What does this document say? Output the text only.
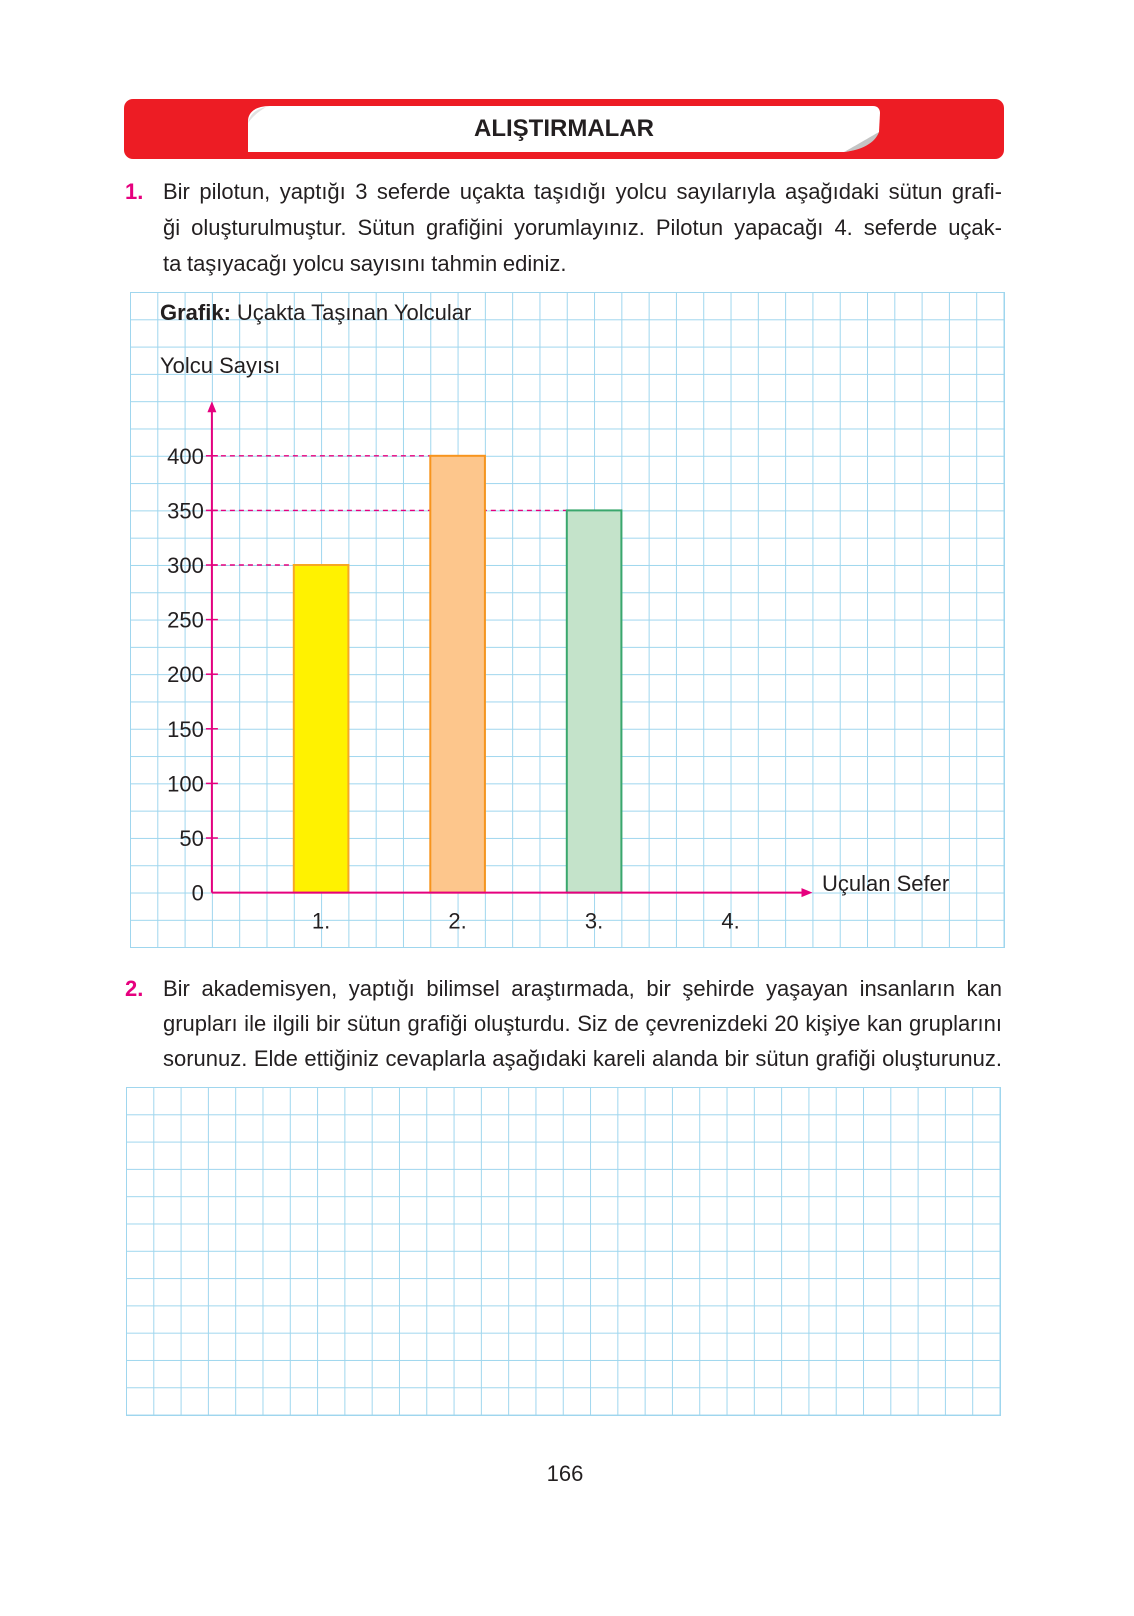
ALIŞTIRMALAR
1. Bir pilotun, yaptığı 3 seferde uçakta taşıdığı yolcu sayılarıyla aşağıdaki sütun grafi-
ği oluşturulmuştur. Sütun grafiğini yorumlayınız. Pilotun yapacağı 4. seferde uçak-
ta taşıyacağı yolcu sayısını tahmin ediniz.
Grafik: Uçakta Taşınan Yolcular
Yolcu Sayısı
Uçulan Sefer
0
50
100
150
200
250
300
350
400
1.	2.	3.	4.
2. Bir akademisyen, yaptığı bilimsel araştırmada, bir şehirde yaşayan insanların kan
grupları ile ilgili bir sütun grafiği oluşturdu. Siz de çevrenizdeki 20 kişiye kan gruplarını
sorunuz. Elde ettiğiniz cevaplarla aşağıdaki kareli alanda bir sütun grafiği oluşturunuz.
166
